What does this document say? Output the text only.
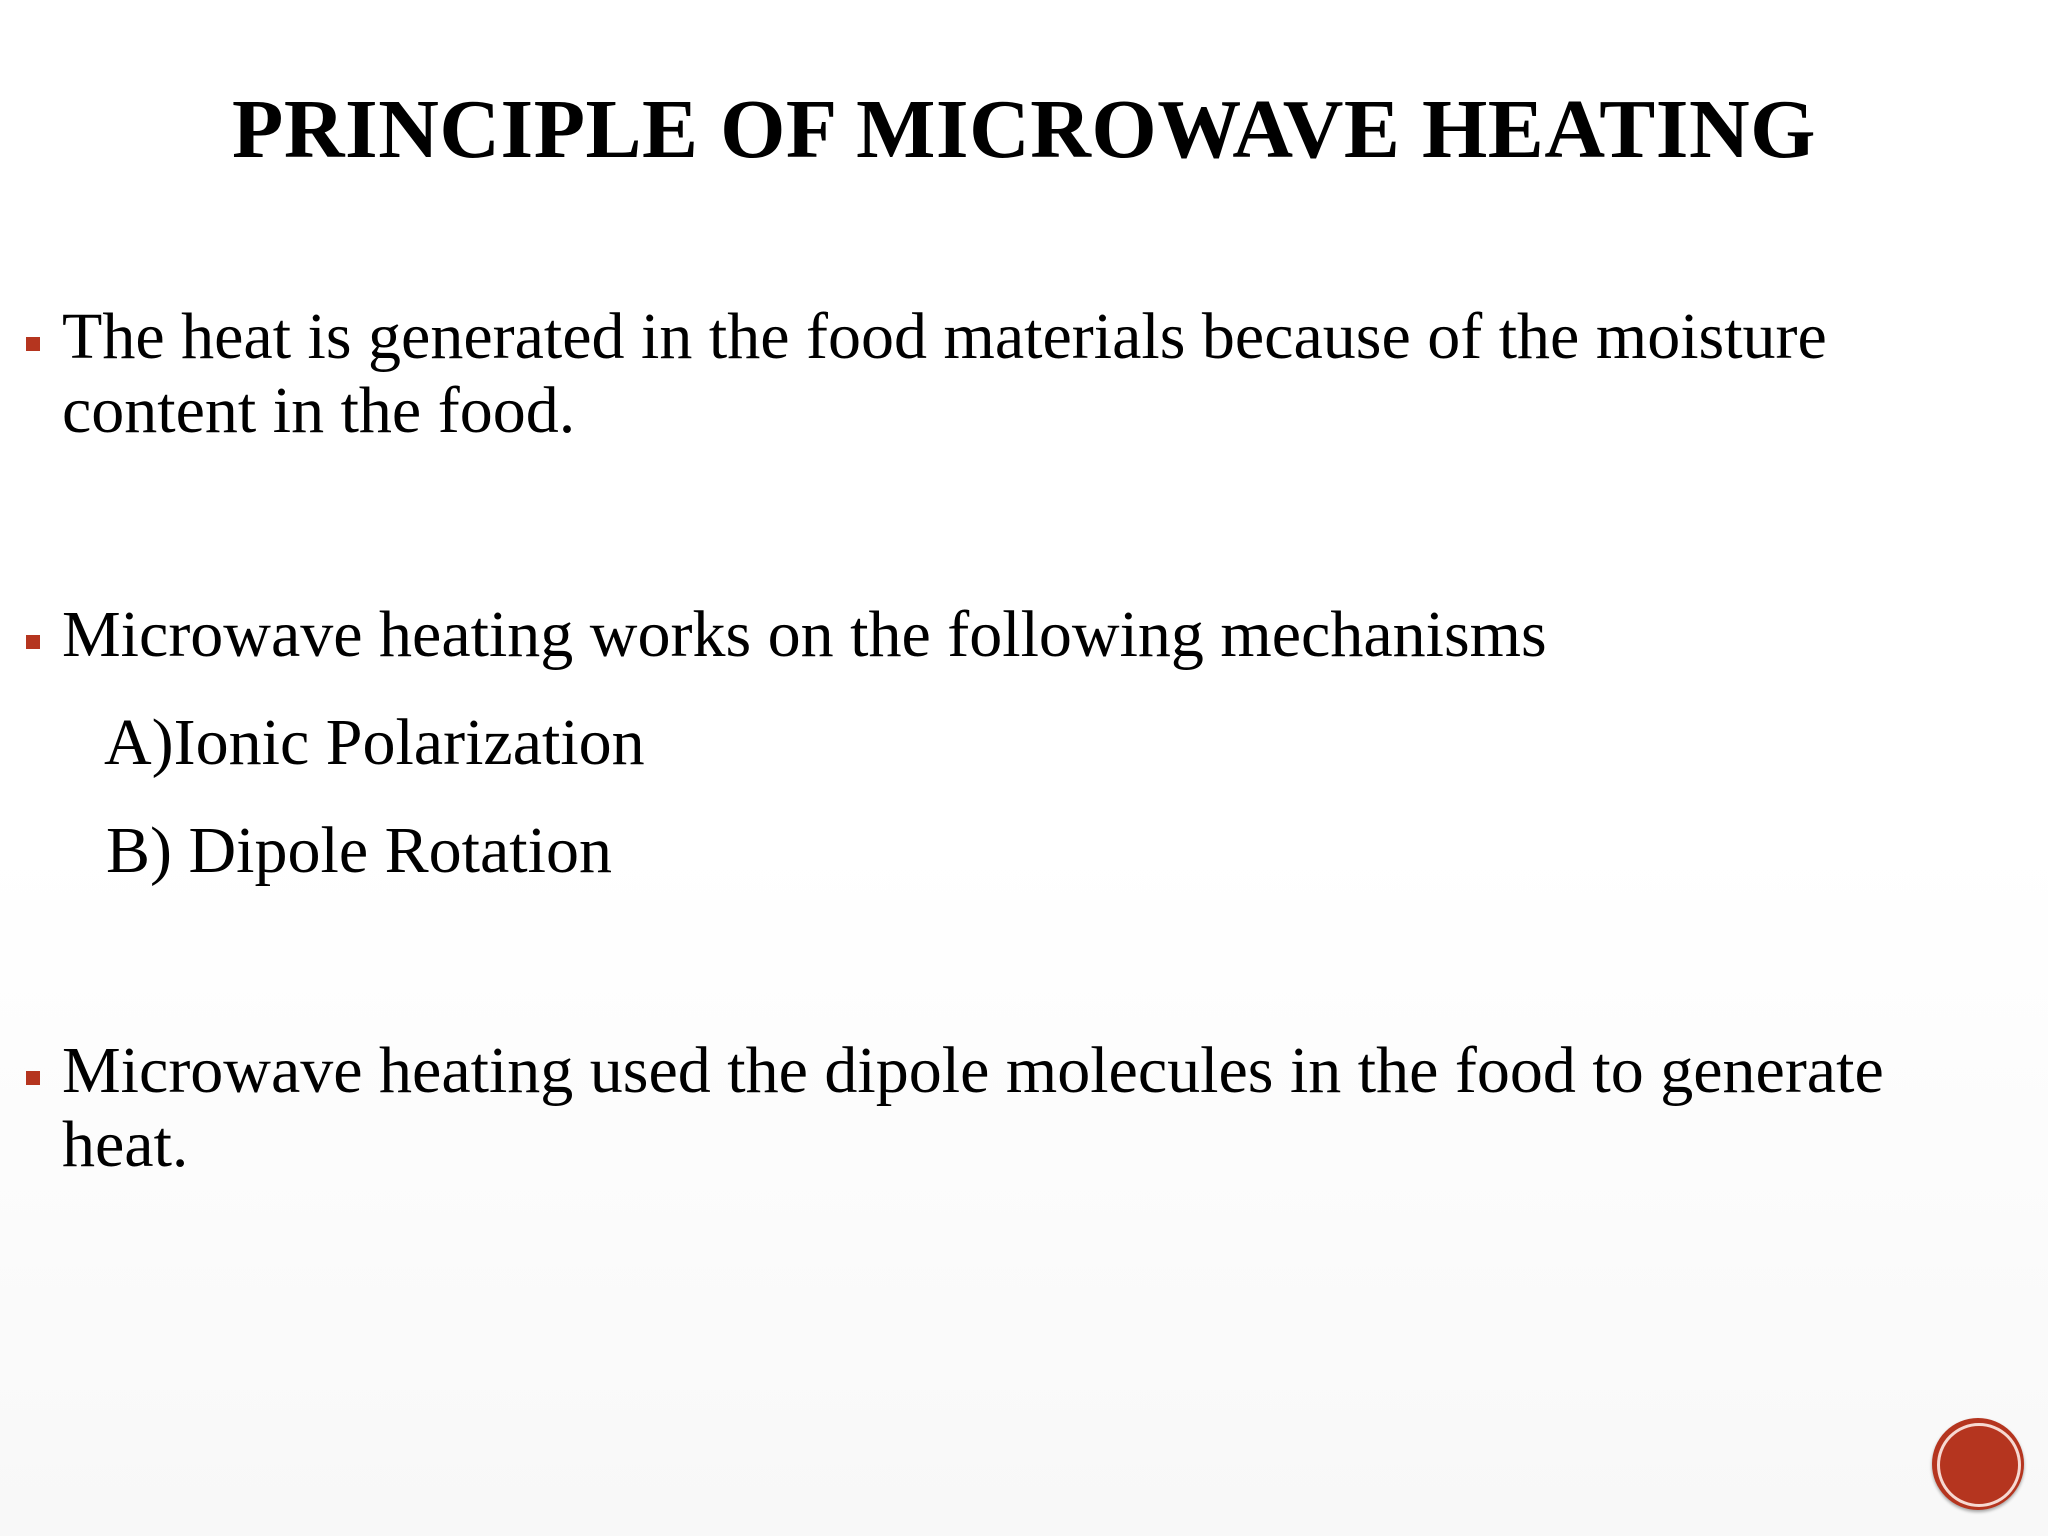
PRINCIPLE OF MICROWAVE HEATING

The heat is generated in the food materials because of the moisture content in the food.

Microwave heating works on the following mechanisms

A)Ionic Polarization
B) Dipole Rotation

Microwave heating used the dipole molecules in the food to generate heat.
